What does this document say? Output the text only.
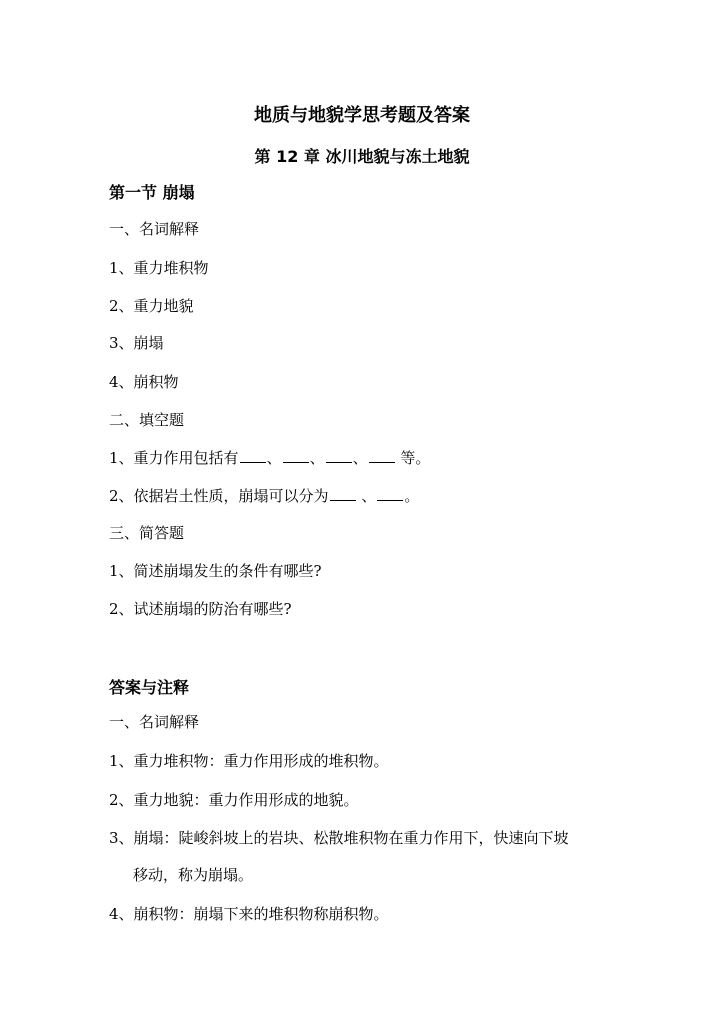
地质与地貌学思考题及答案
第 12 章 冰川地貌与冻土地貌
第一节 崩塌
一、名词解释
1、重力堆积物
2、重力地貌
3、崩塌
4、崩积物
二、填空题
1、重力作用包括有 、 、 、 等。
2、依据岩土性质，崩塌可以分为 、 。
三、简答题
1、简述崩塌发生的条件有哪些?
2、试述崩塌的防治有哪些?
答案与注释
一、名词解释
1、重力堆积物：重力作用形成的堆积物。
2、重力地貌：重力作用形成的地貌。
3、崩塌：陡峻斜坡上的岩块、松散堆积物在重力作用下，快速向下坡
移动，称为崩塌。
4、崩积物：崩塌下来的堆积物称崩积物。
